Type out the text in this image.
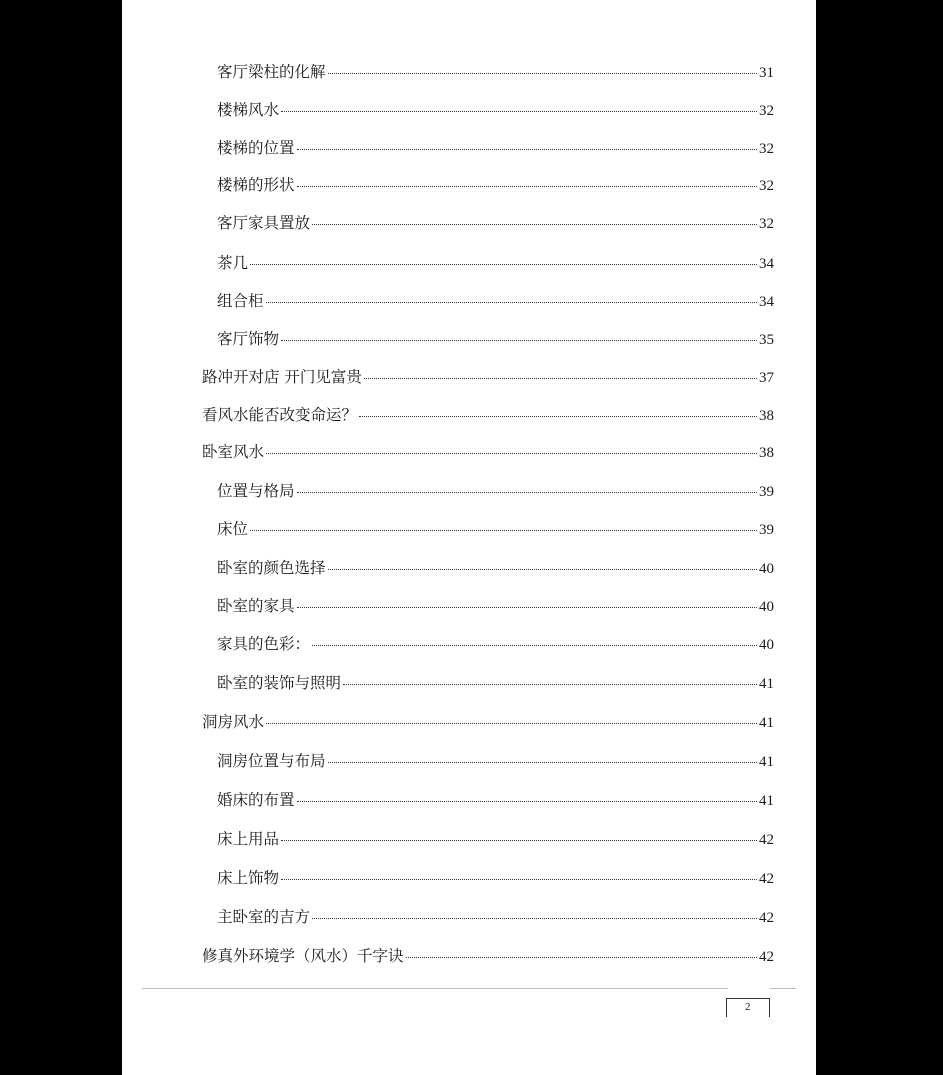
客厅梁柱的化解	31
楼梯风水	32
楼梯的位置	32
楼梯的形状	32
客厅家具置放	32
茶几	34
组合柜	34
客厅饰物	35
路冲开对店 开门见富贵	37
看风水能否改变命运？	38
卧室风水	38
位置与格局	39
床位	39
卧室的颜色选择	40
卧室的家具	40
家具的色彩：	40
卧室的装饰与照明	41
洞房风水	41
洞房位置与布局	41
婚床的布置	41
床上用品	42
床上饰物	42
主卧室的吉方	42
修真外环境学（风水）千字诀	42
2
